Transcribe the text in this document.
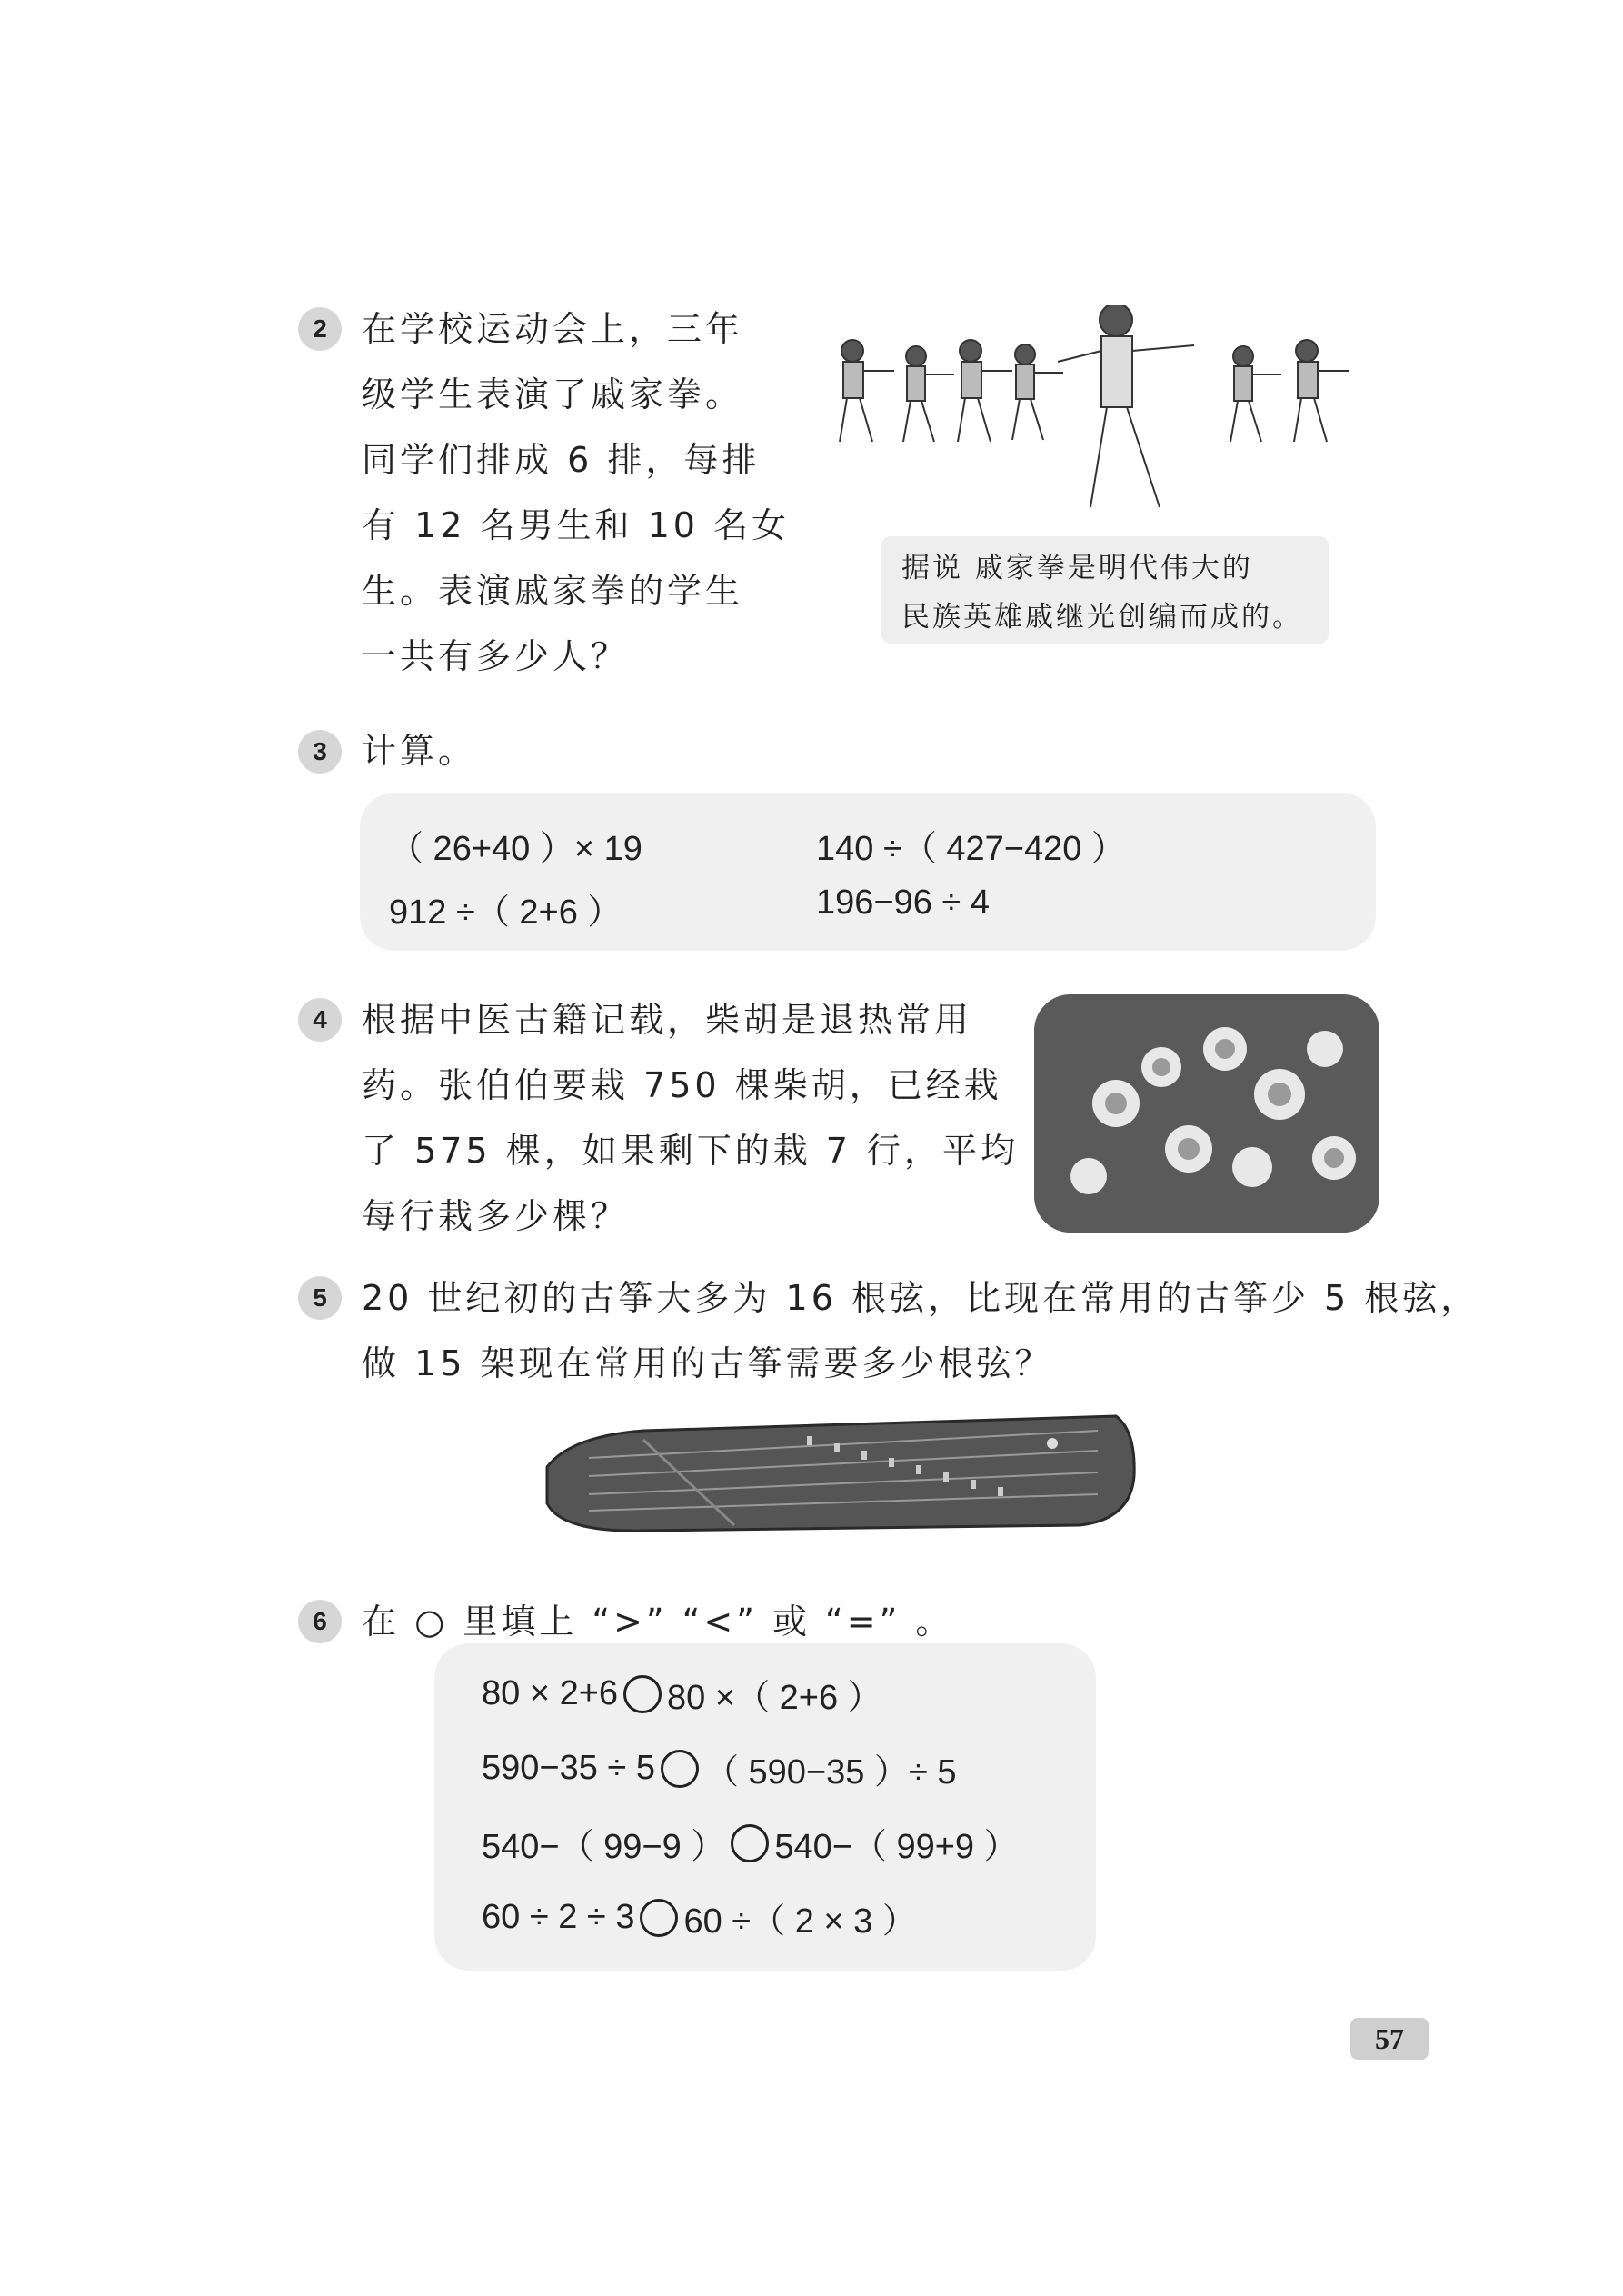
2	在学校运动会上，三年
级学生表演了戚家拳。
同学们排成 6 排，每排
有 12 名男生和 10 名女
生。表演戚家拳的学生
一共有多少人？
据说 戚家拳是明代伟大的
民族英雄戚继光创编而成的。
3	计算。
（ 26+40 ）× 19	140 ÷（ 427−420 ）
912 ÷（ 2+6 ）	196−96 ÷ 4
4	根据中医古籍记载，柴胡是退热常用
药。张伯伯要栽 750 棵柴胡，已经栽
了 575 棵，如果剩下的栽 7 行，平均
每行栽多少棵？
5	20 世纪初的古筝大多为 16 根弦，比现在常用的古筝少 5 根弦，
做 15 架现在常用的古筝需要多少根弦？
6	在 ○ 里填上 “>” “<” 或 “=” 。
80 × 2+6 80 ×（ 2+6 ）
590−35 ÷ 5 （ 590−35 ）÷ 5
540−（ 99−9 ） 540−（ 99+9 ）
60 ÷ 2 ÷ 3 60 ÷（ 2 × 3 ）
57
